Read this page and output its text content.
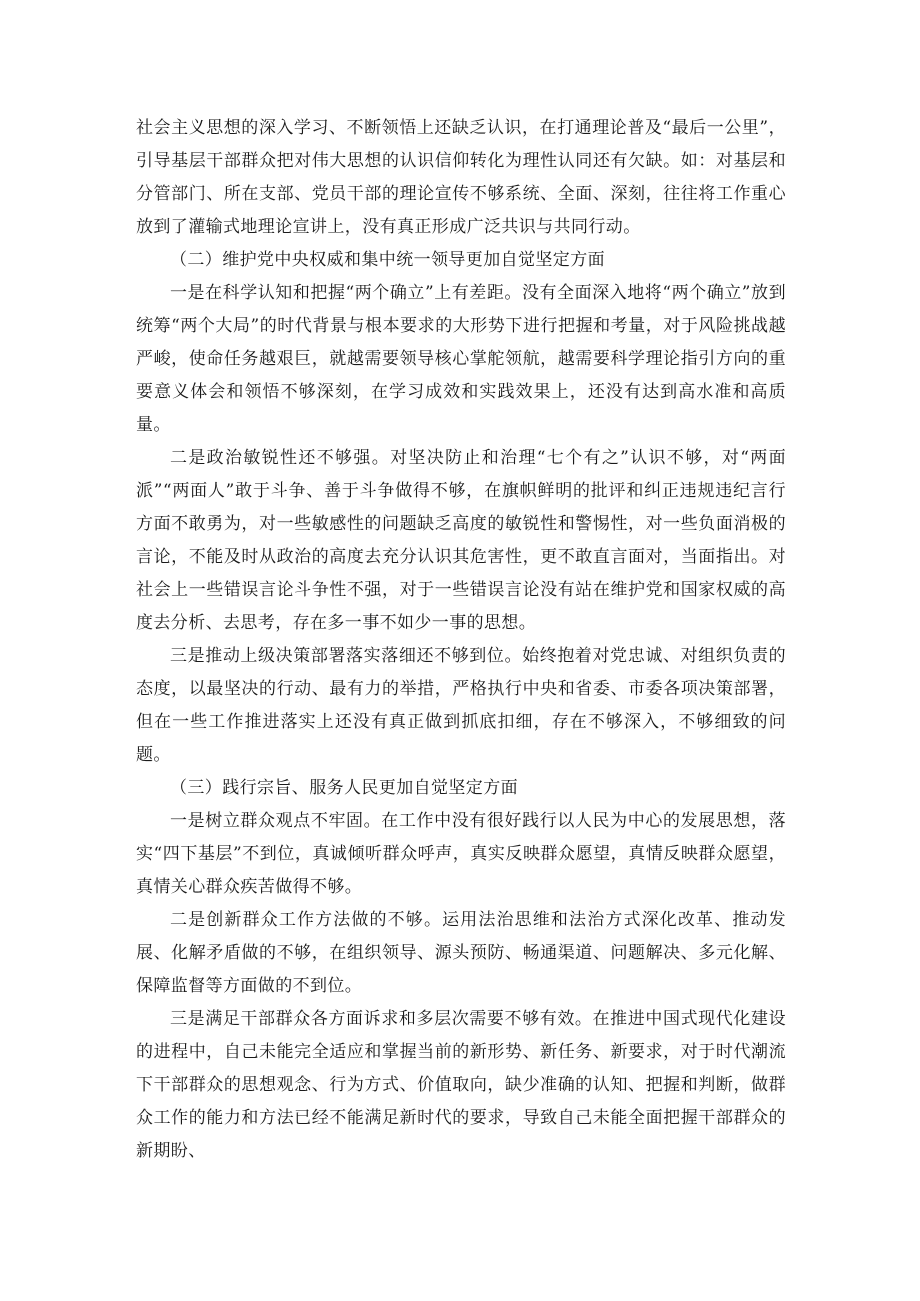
社会主义思想的深入学习、不断领悟上还缺乏认识，在打通理论普及“最后一公里”，引导基层干部群众把对伟大思想的认识信仰转化为理性认同还有欠缺。如：对基层和分管部门、所在支部、党员干部的理论宣传不够系统、全面、深刻，往往将工作重心放到了灌输式地理论宣讲上，没有真正形成广泛共识与共同行动。

（二）维护党中央权威和集中统一领导更加自觉坚定方面

一是在科学认知和把握“两个确立”上有差距。没有全面深入地将“两个确立”放到统筹“两个大局”的时代背景与根本要求的大形势下进行把握和考量，对于风险挑战越严峻，使命任务越艰巨，就越需要领导核心掌舵领航，越需要科学理论指引方向的重要意义体会和领悟不够深刻，在学习成效和实践效果上，还没有达到高水准和高质量。

二是政治敏锐性还不够强。对坚决防止和治理“七个有之”认识不够，对“两面派”“两面人”敢于斗争、善于斗争做得不够，在旗帜鲜明的批评和纠正违规违纪言行方面不敢勇为，对一些敏感性的问题缺乏高度的敏锐性和警惕性，对一些负面消极的言论，不能及时从政治的高度去充分认识其危害性，更不敢直言面对，当面指出。对社会上一些错误言论斗争性不强，对于一些错误言论没有站在维护党和国家权威的高度去分析、去思考，存在多一事不如少一事的思想。

三是推动上级决策部署落实落细还不够到位。始终抱着对党忠诚、对组织负责的态度，以最坚决的行动、最有力的举措，严格执行中央和省委、市委各项决策部署，但在一些工作推进落实上还没有真正做到抓底扣细，存在不够深入，不够细致的问题。

（三）践行宗旨、服务人民更加自觉坚定方面

一是树立群众观点不牢固。在工作中没有很好践行以人民为中心的发展思想，落实“四下基层”不到位，真诚倾听群众呼声，真实反映群众愿望，真情反映群众愿望，真情关心群众疾苦做得不够。

二是创新群众工作方法做的不够。运用法治思维和法治方式深化改革、推动发展、化解矛盾做的不够，在组织领导、源头预防、畅通渠道、问题解决、多元化解、保障监督等方面做的不到位。

三是满足干部群众各方面诉求和多层次需要不够有效。在推进中国式现代化建设的进程中，自己未能完全适应和掌握当前的新形势、新任务、新要求，对于时代潮流下干部群众的思想观念、行为方式、价值取向，缺少准确的认知、把握和判断，做群众工作的能力和方法已经不能满足新时代的要求，导致自己未能全面把握干部群众的新期盼、
